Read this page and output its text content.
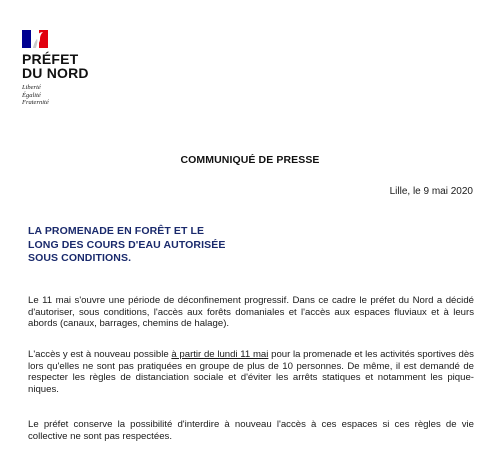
PRÉFET
DU NORD
Liberté
Égalité
Fraternité
COMMUNIQUÉ DE PRESSE
Lille, le 9 mai 2020
LA PROMENADE EN FORÊT ET LE
LONG DES COURS D'EAU AUTORISÉE
SOUS CONDITIONS.

Le 11 mai s'ouvre une période de déconfinement progressif. Dans ce cadre le préfet du Nord a décidé d'autoriser, sous conditions, l'accès aux forêts domaniales et l'accès aux espaces fluviaux et à leurs abords (canaux, barrages, chemins de halage).

L'accès y est à nouveau possible à partir de lundi 11 mai pour la promenade et les activités sportives dès lors qu'elles ne sont pas pratiquées en groupe de plus de 10 personnes. De même, il est demandé de respecter les règles de distanciation sociale et d'éviter les arrêts statiques et notamment les pique-niques.

Le préfet conserve la possibilité d'interdire à nouveau l'accès à ces espaces si ces règles de vie collective ne sont pas respectées.
